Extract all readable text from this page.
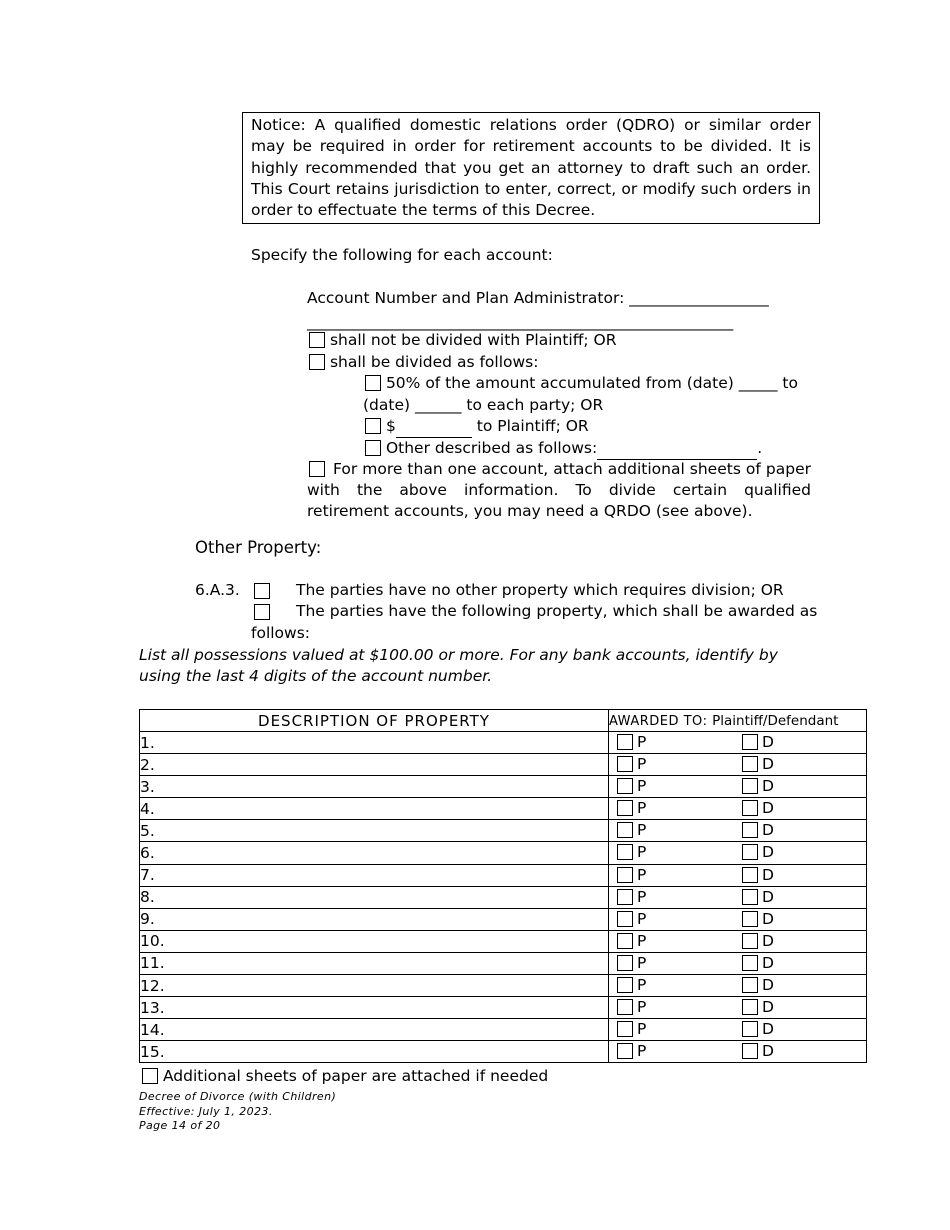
Notice: A qualified domestic relations order (QDRO) or similar order may be required in order for retirement accounts to be divided. It is highly recommended that you get an attorney to draft such an order. This Court retains jurisdiction to enter, correct, or modify such orders in order to effectuate the terms of this Decree.
Specify the following for each account:
Account Number and Plan Administrator: __________________
_______________________________________________________
shall not be divided with Plaintiff; OR
shall be divided as follows:
50% of the amount accumulated from (date) _____ to
(date) ______ to each party; OR
$	to Plaintiff; OR
Other described as follows:	.
For more than one account, attach additional sheets of paper with the above information. To divide certain qualified retirement accounts, you may need a QRDO (see above).
Other Property:
6.A.3.	The parties have no other property which requires division; OR
The parties have the following property, which shall be awarded as
follows:
List all possessions valued at $100.00 or more. For any bank accounts, identify by using the last 4 digits of the account number.
DESCRIPTION OF PROPERTY	AWARDED TO: Plaintiff/Defendant
1.	P D

2.	P D

3.	P D

4.	P D

5.	P D

6.	P D

7.	P D

8.	P D

9.	P D

10.	P D

11.	P D

12.	P D

13.	P D

14.	P D

15.	P D
Additional sheets of paper are attached if needed
Decree of Divorce (with Children)
Effective: July 1, 2023.
Page 14 of 20
